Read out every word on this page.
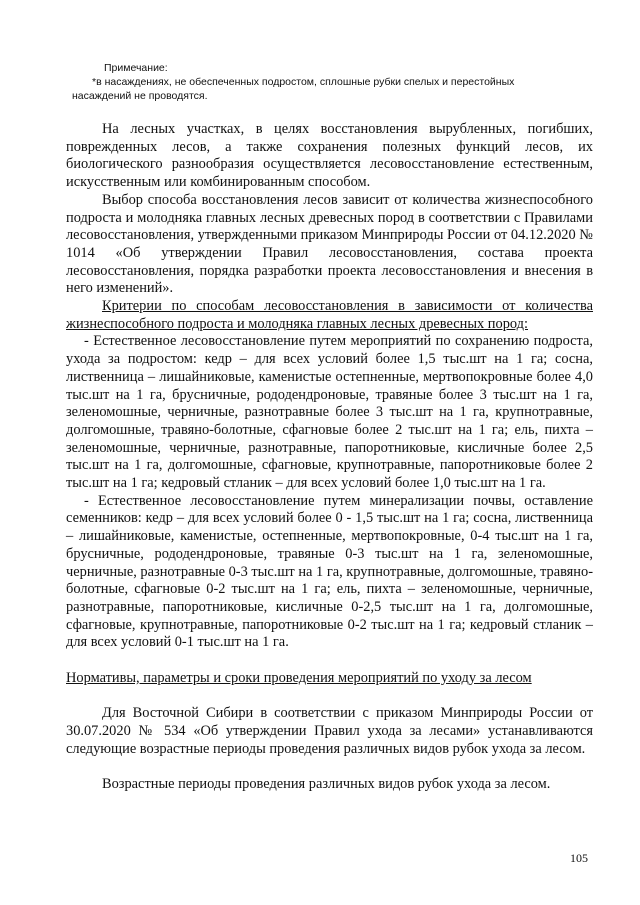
Примечание:
*в насаждениях, не обеспеченных подростом, сплошные рубки спелых и перестойных насаждений не проводятся.

На лесных участках, в целях восстановления вырубленных, погибших, поврежденных лесов, а также сохранения полезных функций лесов, их биологического разнообразия осуществляется лесовосстановление естественным, искусственным или комбинированным способом.

Выбор способа восстановления лесов зависит от количества жизнеспособного подроста и молодняка главных лесных древесных пород в соответствии с Правилами лесовосстановления, утвержденными приказом Минприроды России от 04.12.2020 № 1014 «Об утверждении Правил лесовосстановления, состава проекта лесовосстановления, порядка разработки проекта лесовосстановления и внесения в него изменений».

Критерии по способам лесовосстановления в зависимости от количества жизнеспособного подроста и молодняка главных лесных древесных пород:

- Естественное лесовосстановление путем мероприятий по сохранению подроста, ухода за подростом: кедр – для всех условий более 1,5 тыс.шт на 1 га; сосна, лиственница – лишайниковые, каменистые остепненные, мертвопокровные более 4,0 тыс.шт на 1 га, брусничные, рододендроновые, травяные более 3 тыс.шт на 1 га, зеленомошные, черничные, разнотравные более 3 тыс.шт на 1 га, крупнотравные, долгомошные, травяно-болотные, сфагновые более 2 тыс.шт на 1 га; ель, пихта – зеленомошные, черничные, разнотравные, папоротниковые, кисличные более 2,5 тыс.шт на 1 га, долгомошные, сфагновые, крупнотравные, папоротниковые более 2 тыс.шт на 1 га; кедровый стланик – для всех условий более 1,0 тыс.шт на 1 га.

- Естественное лесовосстановление путем минерализации почвы, оставление семенников: кедр – для всех условий более 0 - 1,5 тыс.шт на 1 га; сосна, лиственница – лишайниковые, каменистые, остепненные, мертвопокровные, 0-4 тыс.шт на 1 га, брусничные, рододендроновые, травяные 0-3 тыс.шт на 1 га, зеленомошные, черничные, разнотравные 0-3 тыс.шт на 1 га, крупнотравные, долгомошные, травяно-болотные, сфагновые 0-2 тыс.шт на 1 га; ель, пихта – зеленомошные, черничные, разнотравные, папоротниковые, кисличные 0-2,5 тыс.шт на 1 га, долгомошные, сфагновые, крупнотравные, папоротниковые 0-2 тыс.шт на 1 га; кедровый стланик – для всех условий 0-1 тыс.шт на 1 га.

Нормативы, параметры и сроки проведения мероприятий по уходу за лесом

Для Восточной Сибири в соответствии с приказом Минприроды России от 30.07.2020 № 534 «Об утверждении Правил ухода за лесами» устанавливаются следующие возрастные периоды проведения различных видов рубок ухода за лесом.

Возрастные периоды проведения различных видов рубок ухода за лесом.

105
